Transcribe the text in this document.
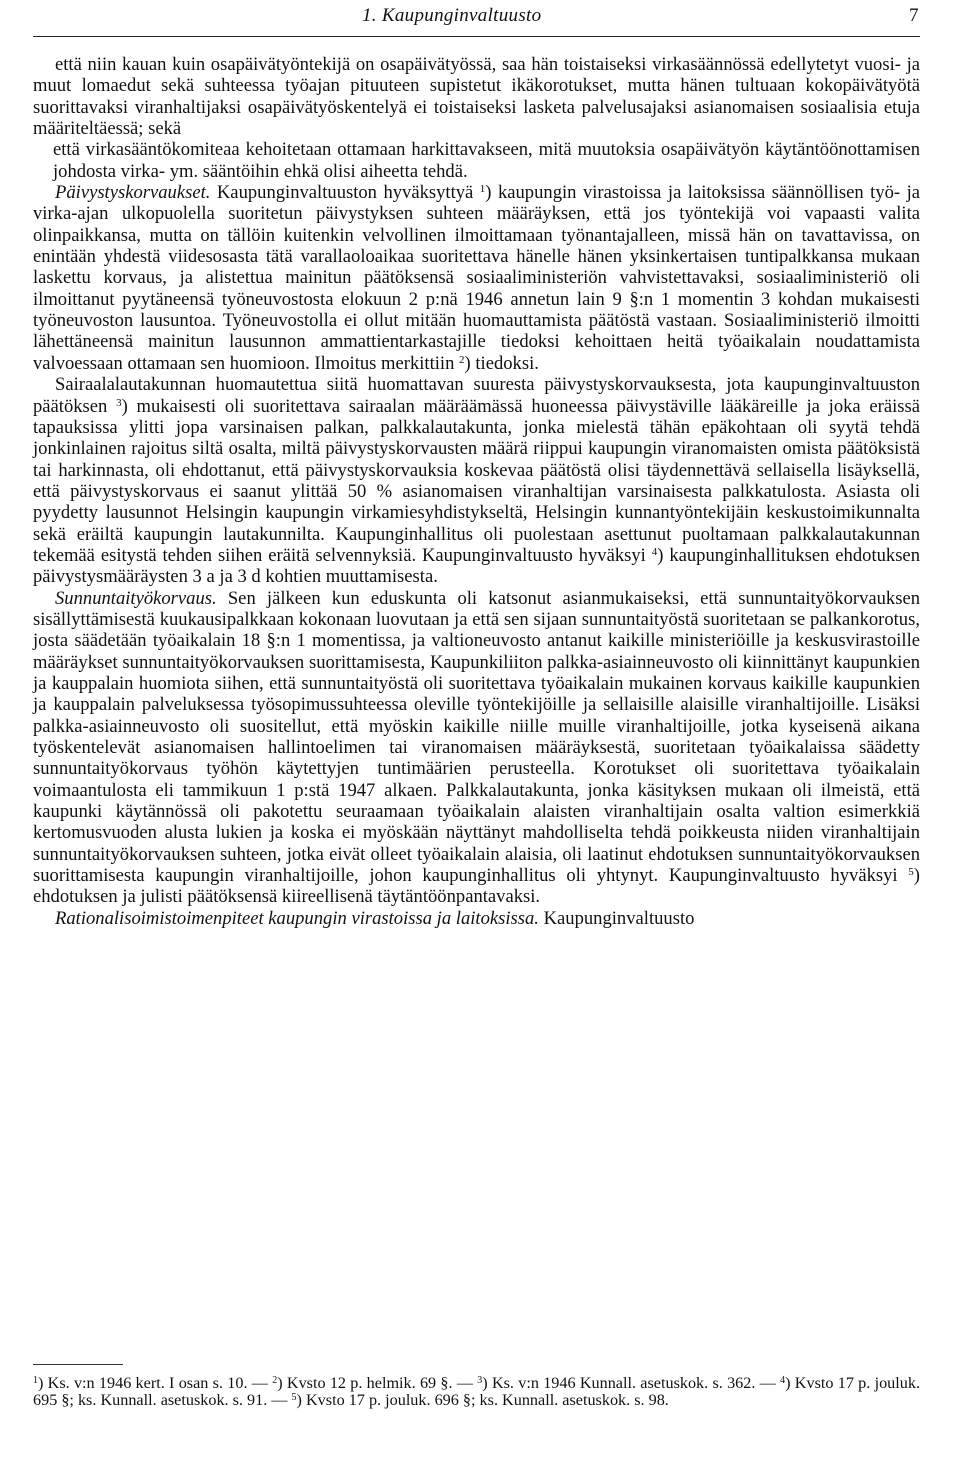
1. Kaupunginvaltuusto	7

että niin kauan kuin osapäivätyöntekijä on osapäivätyössä, saa hän toistaiseksi virkasäännössä edellytetyt vuosi- ja muut lomaedut sekä suhteessa työajan pituuteen supistetut ikäkorotukset, mutta hänen tultuaan kokopäivätyötä suorittavaksi viranhaltijaksi osapäivätyöskentelyä ei toistaiseksi lasketa palvelusajaksi asianomaisen sosiaalisia etuja määriteltäessä; sekä

että virkasääntökomiteaa kehoitetaan ottamaan harkittavakseen, mitä muutoksia osapäivätyön käytäntöönottamisen johdosta virka- ym. sääntöihin ehkä olisi aiheetta tehdä.

Päivystyskorvaukset. Kaupunginvaltuuston hyväksyttyä $^1$) kaupungin virastoissa ja laitoksissa säännöllisen työ- ja virka-ajan ulkopuolella suoritetun päivystyksen suhteen määräyksen, että jos työntekijä voi vapaasti valita olinpaikkansa, mutta on tällöin kuitenkin velvollinen ilmoittamaan työnantajalleen, missä hän on tavattavissa, on enintään yhdestä viidesosasta tätä varallaoloaikaa suoritettava hänelle hänen yksinkertaisen tuntipalkkansa mukaan laskettu korvaus, ja alistettua mainitun päätöksensä sosiaaliministeriön vahvistettavaksi, sosiaaliministeriö oli ilmoittanut pyytäneensä työneuvostosta elokuun 2 p:nä 1946 annetun lain 9 §:n 1 momentin 3 kohdan mukaisesti työneuvoston lausuntoa. Työneuvostolla ei ollut mitään huomauttamista päätöstä vastaan. Sosiaaliministeriö ilmoitti lähettäneensä mainitun lausunnon ammattientarkastajille tiedoksi kehoittaen heitä työaikalain noudattamista valvoessaan ottamaan sen huomioon. Ilmoitus merkittiin $^2$) tiedoksi.

Sairaalalautakunnan huomautettua siitä huomattavan suuresta päivystyskorvauksesta, jota kaupunginvaltuuston päätöksen $^3$) mukaisesti oli suoritettava sairaalan määräämässä huoneessa päivystäville lääkäreille ja joka eräissä tapauksissa ylitti jopa varsinaisen palkan, palkkalautakunta, jonka mielestä tähän epäkohtaan oli syytä tehdä jonkinlainen rajoitus siltä osalta, miltä päivystyskorvausten määrä riippui kaupungin viranomaisten omista päätöksistä tai harkinnasta, oli ehdottanut, että päivystyskorvauksia koskevaa päätöstä olisi täydennettävä sellaisella lisäyksellä, että päivystyskorvaus ei saanut ylittää 50 % asianomaisen viranhaltijan varsinaisesta palkkatulosta. Asiasta oli pyydetty lausunnot Helsingin kaupungin virkamiesyhdistykseltä, Helsingin kunnantyöntekijäin keskustoimikunnalta sekä eräiltä kaupungin lautakunnilta. Kaupunginhallitus oli puolestaan asettunut puoltamaan palkkalautakunnan tekemää esitystä tehden siihen eräitä selvennyksiä. Kaupunginvaltuusto hyväksyi $^4$) kaupunginhallituksen ehdotuksen päivystysmääräysten 3 a ja 3 d kohtien muuttamisesta.

Sunnuntaityökorvaus. Sen jälkeen kun eduskunta oli katsonut asianmukaiseksi, että sunnuntaityökorvauksen sisällyttämisestä kuukausipalkkaan kokonaan luovutaan ja että sen sijaan sunnuntaityöstä suoritetaan se palkankorotus, josta säädetään työaikalain 18 §:n 1 momentissa, ja valtioneuvosto antanut kaikille ministeriöille ja keskusvirastoille määräykset sunnuntaityökorvauksen suorittamisesta, Kaupunkiliiton palkka-asiainneuvosto oli kiinnittänyt kaupunkien ja kauppalain huomiota siihen, että sunnuntaityöstä oli suoritettava työaikalain mukainen korvaus kaikille kaupunkien ja kauppalain palveluksessa työsopimussuhteessa oleville työntekijöille ja sellaisille alaisille viranhaltijoille. Lisäksi palkka-asiainneuvosto oli suositellut, että myöskin kaikille niille muille viranhaltijoille, jotka kyseisenä aikana työskentelevät asianomaisen hallintoelimen tai viranomaisen määräyksestä, suoritetaan työaikalaissa säädetty sunnuntaityökorvaus työhön käytettyjen tuntimäärien perusteella. Korotukset oli suoritettava työaikalain voimaantulosta eli tammikuun 1 p:stä 1947 alkaen. Palkkalautakunta, jonka käsityksen mukaan oli ilmeistä, että kaupunki käytännössä oli pakotettu seuraamaan työaikalain alaisten viranhaltijain osalta valtion esimerkkiä kertomusvuoden alusta lukien ja koska ei myöskään näyttänyt mahdolliselta tehdä poikkeusta niiden viranhaltijain sunnuntaityökorvauksen suhteen, jotka eivät olleet työaikalain alaisia, oli laatinut ehdotuksen sunnuntaityökorvauksen suorittamisesta kaupungin viranhaltijoille, johon kaupunginhallitus oli yhtynyt. Kaupunginvaltuusto hyväksyi $^5$) ehdotuksen ja julisti päätöksensä kiireellisenä täytäntöönpantavaksi.

Rationalisoimistoimenpiteet kaupungin virastoissa ja laitoksissa. Kaupunginvaltuusto

$^1$) Ks. v:n 1946 kert. I osan s. 10. — $^2$) Kvsto 12 p. helmik. 69 §. — $^3$) Ks. v:n 1946 Kunnall. asetuskok. s. 362. — $^4$) Kvsto 17 p. jouluk. 695 §; ks. Kunnall. asetuskok. s. 91. — $^5$) Kvsto 17 p. jouluk. 696 §; ks. Kunnall. asetuskok. s. 98.
